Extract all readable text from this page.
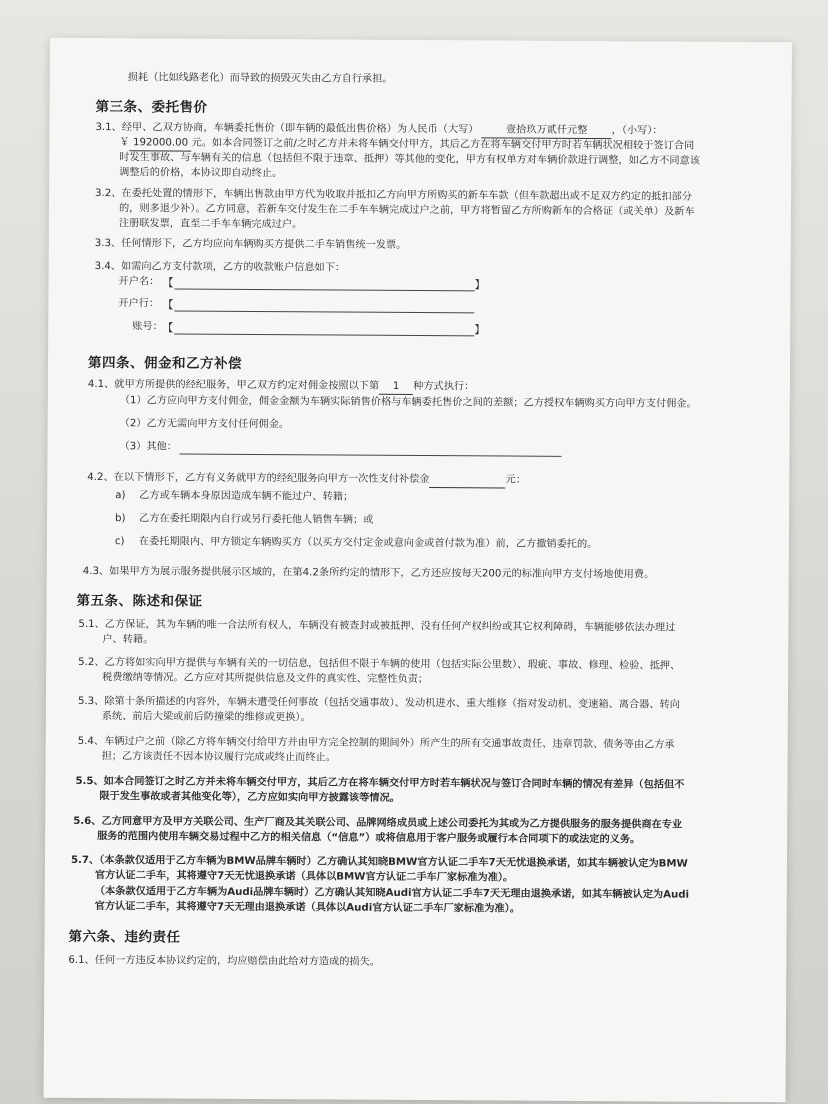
损耗（比如线路老化）而导致的损毁灭失由乙方自行承担。
第三条、委托售价
3.1、经甲、乙双方协商，车辆委托售价（即车辆的最低出售价格）为人民币（大写）	壹拾玖万贰仟元整 ，（小写）：
￥ 192000.00 元。如本合同签订之前/之时乙方并未将车辆交付甲方，其后乙方在将车辆交付甲方时若车辆状况相较于签订合同
时发生事故、与车辆有关的信息（包括但不限于违章、抵押）等其他的变化，甲方有权单方对车辆价款进行调整，如乙方不同意该
调整后的价格，本协议即自动终止。
3.2、在委托处置的情形下，车辆出售款由甲方代为收取并抵扣乙方向甲方所购买的新车车款（但车款超出或不足双方约定的抵扣部分
的，则多退少补）。乙方同意，若新车交付发生在二手车车辆完成过户之前，甲方将暂留乙方所购新车的合格证（或关单）及新车
注册联发票，直至二手车车辆完成过户。
3.3、任何情形下，乙方均应向车辆购买方提供二手车销售统一发票。
3.4、如需向乙方支付款项，乙方的收款账户信息如下：
开户名： 【	】
开户行： 【
账号： 【	】
第四条、佣金和乙方补偿
4.1、就甲方所提供的经纪服务，甲乙双方约定对佣金按照以下第 1 种方式执行：
（1）乙方应向甲方支付佣金，佣金金额为车辆实际销售价格与车辆委托售价之间的差额；乙方授权车辆购买方向甲方支付佣金。
（2）乙方无需向甲方支付任何佣金。
（3）其他：
4.2、在以下情形下，乙方有义务就甲方的经纪服务向甲方一次性支付补偿金	元：
a) 乙方或车辆本身原因造成车辆不能过户、转籍；
b) 乙方在委托期限内自行或另行委托他人销售车辆；或
c) 在委托期限内、甲方锁定车辆购买方（以买方交付定金或意向金或首付款为准）前，乙方撤销委托的。
4.3、如果甲方为展示服务提供展示区域的，在第4.2条所约定的情形下，乙方还应按每天200元的标准向甲方支付场地使用费。
第五条、陈述和保证
5.1、乙方保证，其为车辆的唯一合法所有权人，车辆没有被查封或被抵押、没有任何产权纠纷或其它权利障碍，车辆能够依法办理过
户、转籍。
5.2、乙方将如实向甲方提供与车辆有关的一切信息，包括但不限于车辆的使用（包括实际公里数）、瑕疵、事故、修理、检验、抵押、
税费缴纳等情况。乙方应对其所提供信息及文件的真实性、完整性负责；
5.3、除第十条所描述的内容外，车辆未遭受任何事故（包括交通事故）、发动机进水、重大维修（指对发动机、变速箱、离合器、转向
系统、前后大梁或前后防撞梁的维修或更换）。
5.4、车辆过户之前（除乙方将车辆交付给甲方并由甲方完全控制的期间外）所产生的所有交通事故责任、违章罚款、债务等由乙方承
担；乙方该责任不因本协议履行完成或终止而终止。
5.5、如本合同签订之时乙方并未将车辆交付甲方，其后乙方在将车辆交付甲方时若车辆状况与签订合同时车辆的情况有差异（包括但不
限于发生事故或者其他变化等），乙方应如实向甲方披露该等情况。
5.6、乙方同意甲方及甲方关联公司、生产厂商及其关联公司、品牌网络成员或上述公司委托为其或为乙方提供服务的服务提供商在专业
服务的范围内使用车辆交易过程中乙方的相关信息（“信息”）或将信息用于客户服务或履行本合同项下的或法定的义务。
5.7、（本条款仅适用于乙方车辆为BMW品牌车辆时）乙方确认其知晓BMW官方认证二手车7天无忧退换承诺，如其车辆被认定为BMW
官方认证二手车，其将遵守7天无忧退换承诺（具体以BMW官方认证二手车厂家标准为准）。
（本条款仅适用于乙方车辆为Audi品牌车辆时）乙方确认其知晓Audi官方认证二手车7天无理由退换承诺，如其车辆被认定为Audi
官方认证二手车，其将遵守7天无理由退换承诺（具体以Audi官方认证二手车厂家标准为准）。
第六条、违约责任
6.1、任何一方违反本协议约定的，均应赔偿由此给对方造成的损失。
